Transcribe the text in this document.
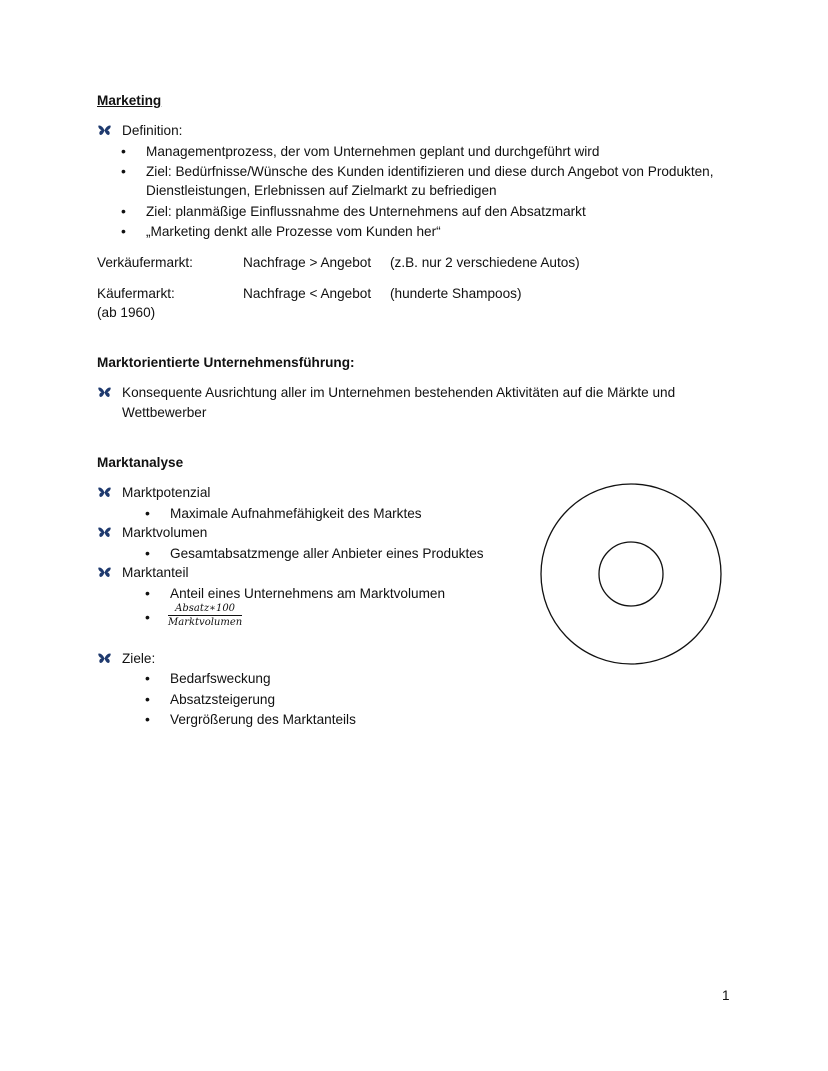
Marketing
Definition:
• Managementprozess, der vom Unternehmen geplant und durchgeführt wird
• Ziel: Bedürfnisse/Wünsche des Kunden identifizieren und diese durch Angebot von Produkten,
Dienstleistungen, Erlebnissen auf Zielmarkt zu befriedigen
• Ziel: planmäßige Einflussnahme des Unternehmens auf den Absatzmarkt
• „Marketing denkt alle Prozesse vom Kunden her“
Verkäufermarkt:	Nachfrage > Angebot (z.B. nur 2 verschiedene Autos)
Käufermarkt:	Nachfrage < Angebot (hunderte Shampoos)
(ab 1960)
Marktorientierte Unternehmensführung:
Konsequente Ausrichtung aller im Unternehmen bestehenden Aktivitäten auf die Märkte und
Wettbewerber
Marktanalyse
Marktpotenzial
• Maximale Aufnahmefähigkeit des Marktes
Marktvolumen
• Gesamtabsatzmenge aller Anbieter eines Produktes
Marktanteil
• Anteil eines Unternehmens am Marktvolumen
•
Absatz∗100
Marktvolumen
Ziele:
• Bedarfsweckung
• Absatzsteigerung
• Vergrößerung des Marktanteils
1
